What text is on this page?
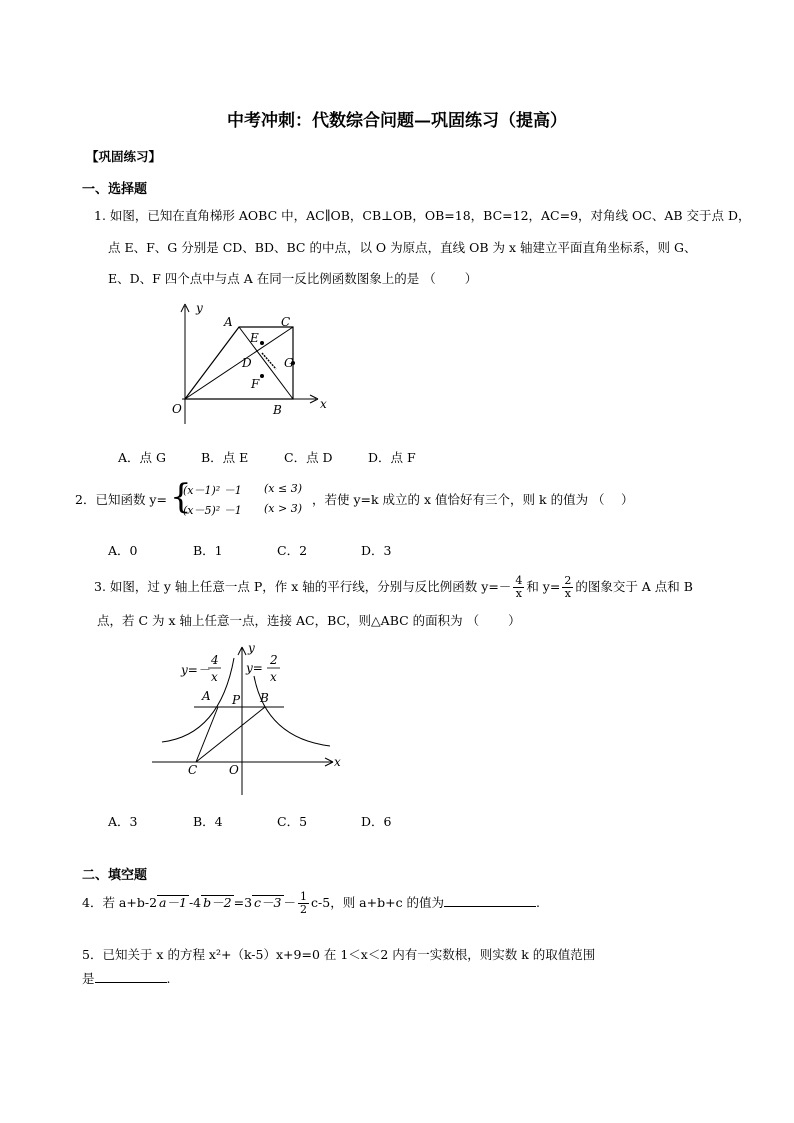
中考冲刺：代数综合问题—巩固练习（提高）
【巩固练习】
一、选择题
1. 如图，已知在直角梯形 AOBC 中，AC∥OB，CB⊥OB，OB=18，BC=12，AC=9，对角线 OC、AB 交于点 D，
点 E、F、G 分别是 CD、BD、BC 的中点，以 O 为原点，直线 OB 为 x 轴建立平面直角坐标系，则 G、
E、D、F 四个点中与点 A 在同一反比例函数图象上的是 （　　 ）
y
x
O
A
B
C
D
E
F
G
A．点 G	B．点 E	C．点 D	D．点 F
2．已知函数 y= {
(x－1)² －1 (x ≤ 3)
(x－5)² －1 (x > 3)
，若使 y=k 成立的 x 值恰好有三个，则 k 的值为 （　 ）
A．0	B．1	C．2	D．3
3. 如图，过 y 轴上任意一点 P，作 x 轴的平行线，分别与反比例函数 $y=- \frac{4}{x}$ 和 $y= \frac{2}{x}$ 的图象交于 A 点和 B
点，若 C 为 x 轴上任意一点，连接 AC，BC，则△ABC 的面积为 （　　 ）
y=－
4
x
y=
2
x
y
x
A P B
C	O
A．3	B．4	C．5	D．6
二、填空题
4．若 a+b-2 a－1 -4 b－2 =3 $c-3 - \frac{1}{2} c-5$，则 a+b+c 的值为	.
5．已知关于 x 的方程 x²+（k-5）x+9=0 在 1＜x＜2 内有一实数根，则实数 k 的取值范围
是	.
